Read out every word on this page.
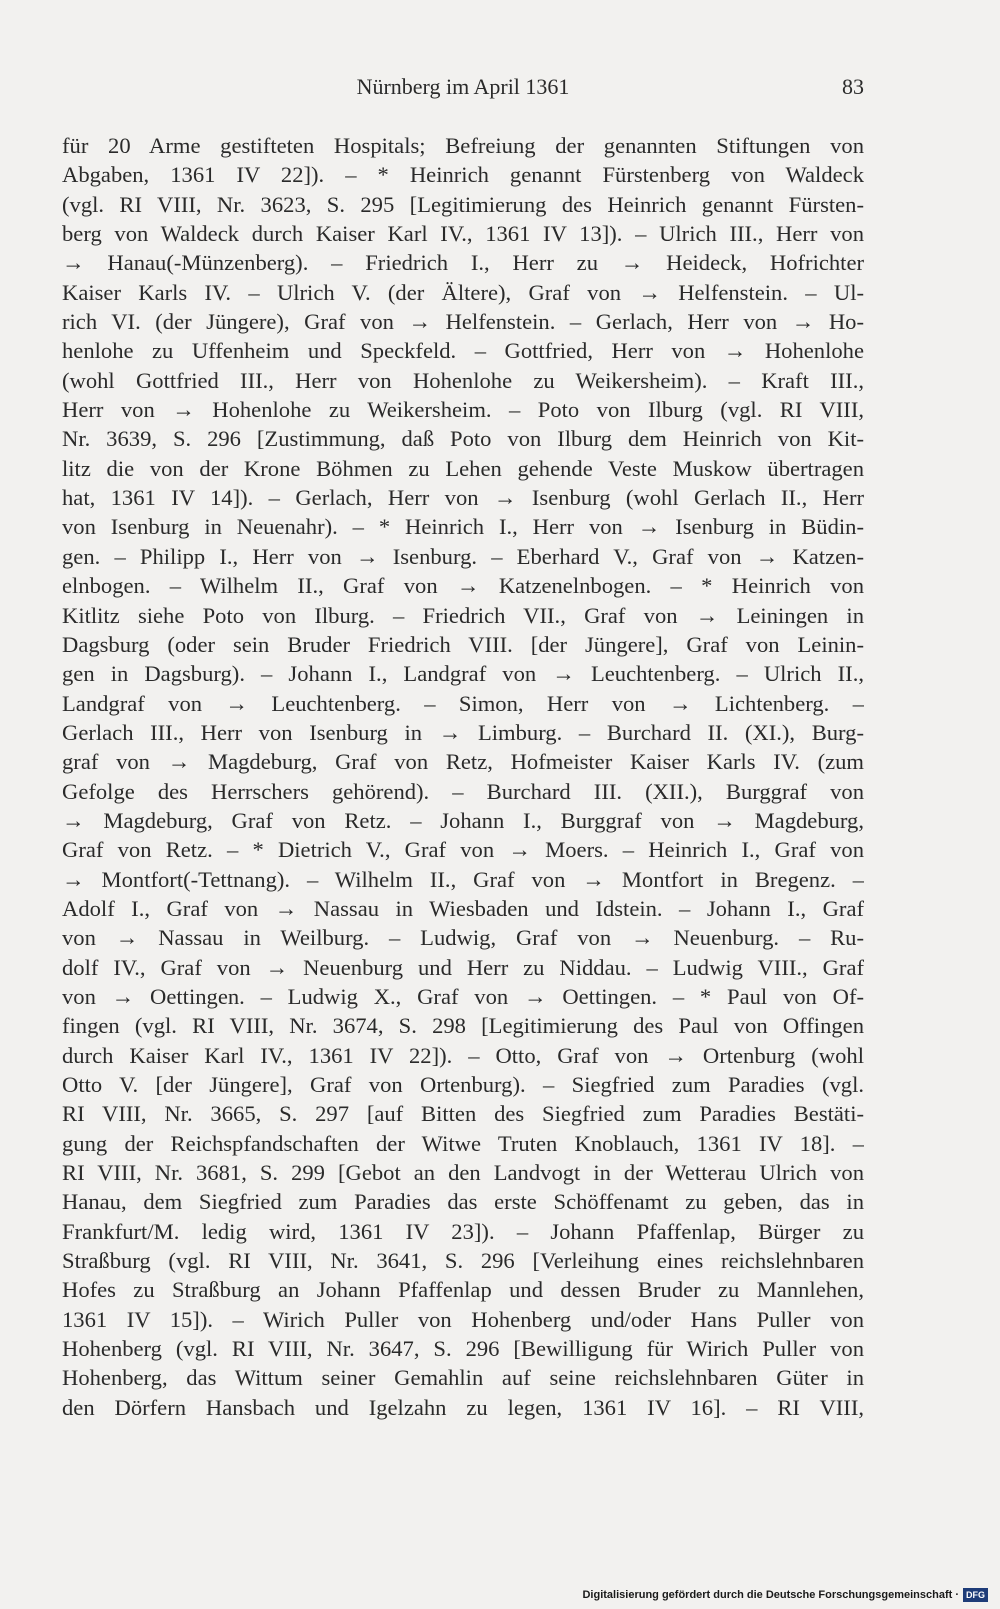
Nürnberg im April 1361	83
für 20 Arme gestifteten Hospitals; Befreiung der genannten Stiftungen von
Abgaben, 1361 IV 22]). – * Heinrich genannt Fürstenberg von Waldeck
(vgl. RI VIII, Nr. 3623, S. 295 [Legitimierung des Heinrich genannt Fürsten-
berg von Waldeck durch Kaiser Karl IV., 1361 IV 13]). – Ulrich III., Herr von
→ Hanau(-Münzenberg). – Friedrich I., Herr zu → Heideck, Hofrichter
Kaiser Karls IV. – Ulrich V. (der Ältere), Graf von → Helfenstein. – Ul-
rich VI. (der Jüngere), Graf von → Helfenstein. – Gerlach, Herr von → Ho-
henlohe zu Uffenheim und Speckfeld. – Gottfried, Herr von → Hohenlohe
(wohl Gottfried III., Herr von Hohenlohe zu Weikersheim). – Kraft III.,
Herr von → Hohenlohe zu Weikersheim. – Poto von Ilburg (vgl. RI VIII,
Nr. 3639, S. 296 [Zustimmung, daß Poto von Ilburg dem Heinrich von Kit-
litz die von der Krone Böhmen zu Lehen gehende Veste Muskow übertragen
hat, 1361 IV 14]). – Gerlach, Herr von → Isenburg (wohl Gerlach II., Herr
von Isenburg in Neuenahr). – * Heinrich I., Herr von → Isenburg in Büdin-
gen. – Philipp I., Herr von → Isenburg. – Eberhard V., Graf von → Katzen-
elnbogen. – Wilhelm II., Graf von → Katzenelnbogen. – * Heinrich von
Kitlitz siehe Poto von Ilburg. – Friedrich VII., Graf von → Leiningen in
Dagsburg (oder sein Bruder Friedrich VIII. [der Jüngere], Graf von Leinin-
gen in Dagsburg). – Johann I., Landgraf von → Leuchtenberg. – Ulrich II.,
Landgraf von → Leuchtenberg. – Simon, Herr von → Lichtenberg. –
Gerlach III., Herr von Isenburg in → Limburg. – Burchard II. (XI.), Burg-
graf von → Magdeburg, Graf von Retz, Hofmeister Kaiser Karls IV. (zum
Gefolge des Herrschers gehörend). – Burchard III. (XII.), Burggraf von
→ Magdeburg, Graf von Retz. – Johann I., Burggraf von → Magdeburg,
Graf von Retz. – * Dietrich V., Graf von → Moers. – Heinrich I., Graf von
→ Montfort(-Tettnang). – Wilhelm II., Graf von → Montfort in Bregenz. –
Adolf I., Graf von → Nassau in Wiesbaden und Idstein. – Johann I., Graf
von → Nassau in Weilburg. – Ludwig, Graf von → Neuenburg. – Ru-
dolf IV., Graf von → Neuenburg und Herr zu Niddau. – Ludwig VIII., Graf
von → Oettingen. – Ludwig X., Graf von → Oettingen. – * Paul von Of-
fingen (vgl. RI VIII, Nr. 3674, S. 298 [Legitimierung des Paul von Offingen
durch Kaiser Karl IV., 1361 IV 22]). – Otto, Graf von → Ortenburg (wohl
Otto V. [der Jüngere], Graf von Ortenburg). – Siegfried zum Paradies (vgl.
RI VIII, Nr. 3665, S. 297 [auf Bitten des Siegfried zum Paradies Bestäti-
gung der Reichspfandschaften der Witwe Truten Knoblauch, 1361 IV 18]. –
RI VIII, Nr. 3681, S. 299 [Gebot an den Landvogt in der Wetterau Ulrich von
Hanau, dem Siegfried zum Paradies das erste Schöffenamt zu geben, das in
Frankfurt/M. ledig wird, 1361 IV 23]). – Johann Pfaffenlap, Bürger zu
Straßburg (vgl. RI VIII, Nr. 3641, S. 296 [Verleihung eines reichslehnbaren
Hofes zu Straßburg an Johann Pfaffenlap und dessen Bruder zu Mannlehen,
1361 IV 15]). – Wirich Puller von Hohenberg und/oder Hans Puller von
Hohenberg (vgl. RI VIII, Nr. 3647, S. 296 [Bewilligung für Wirich Puller von
Hohenberg, das Wittum seiner Gemahlin auf seine reichslehnbaren Güter in
den Dörfern Hansbach und Igelzahn zu legen, 1361 IV 16]. – RI VIII,
Digitalisierung gefördert durch die Deutsche Forschungsgemeinschaft · DFG
